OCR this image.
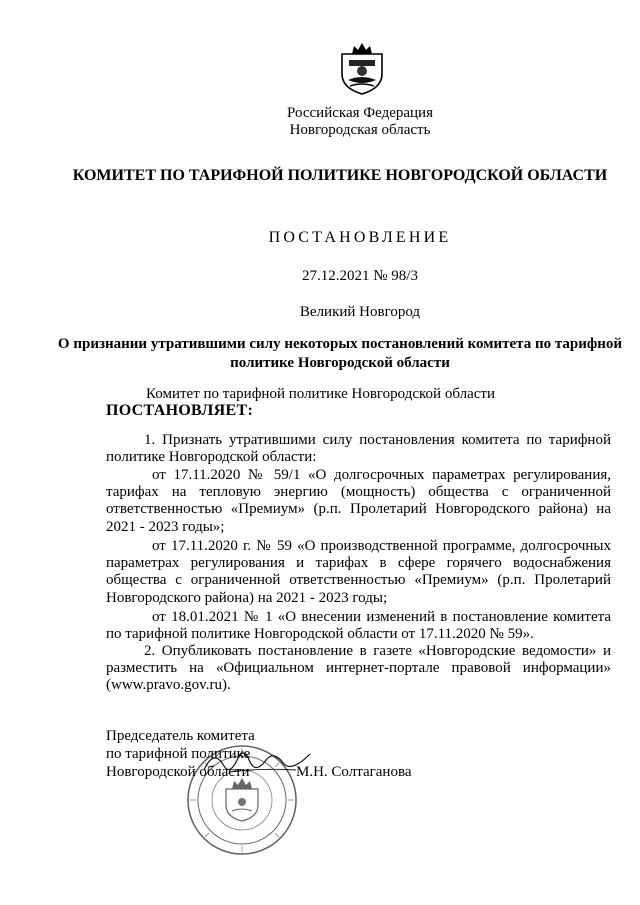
Российская Федерация
Новгородская область
КОМИТЕТ ПО ТАРИФНОЙ ПОЛИТИКЕ НОВГОРОДСКОЙ ОБЛАСТИ
ПОСТАНОВЛЕНИЕ
27.12.2021 № 98/3
Великий Новгород
О признании утратившими силу некоторых постановлений комитета по тарифной политике Новгородской области
Комитет по тарифной политике Новгородской области
ПОСТАНОВЛЯЕТ:
1. Признать утратившими силу постановления комитета по тарифной политике Новгородской области:
от 17.11.2020 № 59/1 «О долгосрочных параметрах регулирования, тарифах на тепловую энергию (мощность) общества с ограниченной ответственностью «Премиум» (р.п. Пролетарий Новгородского района) на 2021 - 2023 годы»;
от 17.11.2020 г. № 59 «О производственной программе, долгосрочных параметрах регулирования и тарифах в сфере горячего водоснабжения общества с ограниченной ответственностью «Премиум» (р.п. Пролетарий Новгородского района) на 2021 - 2023 годы;
от 18.01.2021 № 1 «О внесении изменений в постановление комитета по тарифной политике Новгородской области от 17.11.2020 № 59».
2. Опубликовать постановление в газете «Новгородские ведомости» и разместить на «Официальном интернет-портале правовой информации» (www.pravo.gov.ru).
Председатель комитета
по тарифной политике
Новгородской области	М.Н. Солтаганова
